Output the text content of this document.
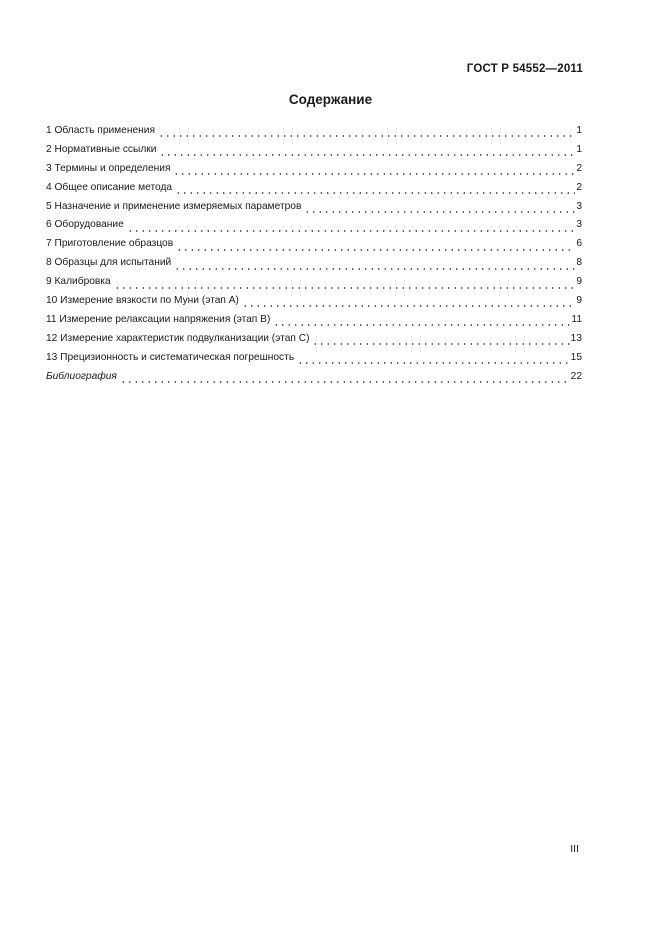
ГОСТ Р 54552—2011
Содержание
1 Область применения	1
2 Нормативные ссылки	1
3 Термины и определения	2
4 Общее описание метода	2
5 Назначение и применение измеряемых параметров	3
6 Оборудование	3
7 Приготовление образцов	6
8 Образцы для испытаний	8
9 Калибровка	9
10 Измерение вязкости по Муни (этап А)	9
11 Измерение релаксации напряжения (этап В)	11
12 Измерение характеристик подвулканизации (этап С)	13
13 Прецизионность и систематическая погрешность	15
Библиография	22
III
